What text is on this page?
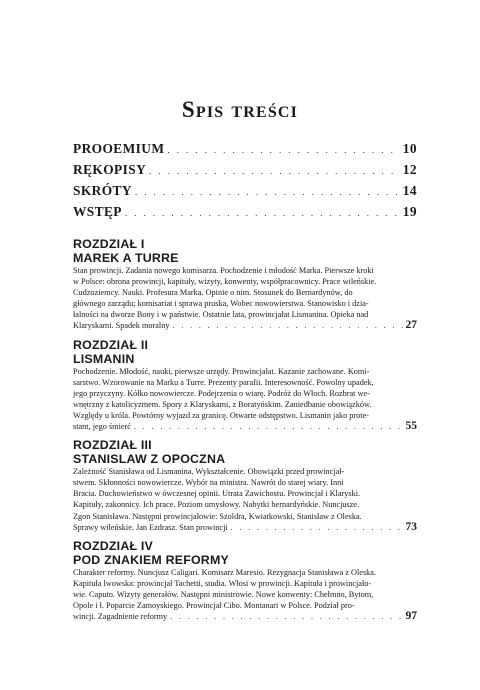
Spis treści
PROOEMIUM . . .	10
RĘKOPISY . . .	12
SKRÓTY . . .	14
WSTĘP . . .	19
ROZDZIAŁ I
MAREK A TURRE

Stan prowincji. Zadania nowego komisarza. Pochodzenie i młodość Marka. Pierwsze kroki

w Polsce: obrona prowincji, kapituły, wizyty, konwenty, współpracownicy. Prace wileńskie.

Cudzoziemcy. Nauki. Profesura Marka. Opinie o nim. Stosunek do Bernardynów, do

głównego zarządu; komisariat i sprawa pruska, Wobec nowowierstwa. Stanowisko i dzia-

łalności na dworze Bony i w państwie. Ostatnie lata, prowincjałat Lismanina. Opieka nad

Klaryskami. Spadek moralny . . .	27
ROZDZIAŁ II
LISMANIN

Pochodzenie. Młodość, nauki, pierwsze urzędy. Prowincjałat. Kazanie zachowane. Komi-

sarstwo. Wzorowanie na Marku a Turre. Prezenty parafii. Interesowność. Powolny upadek,

jego przyczyny. Kółko nowowiercze. Podejrzenia o wiarę. Podróż do Włoch. Rozbrat we-

wnętrzny z katolicyzmem. Spory z Klaryskami, z Boratyńskim. Zaniedbanie obowiązków.

Względy u króla. Powtórny wyjazd za granicę. Otwarte odstępstwo. Lismanin jako prote-

stant, jego śmierć . . .	55
ROZDZIAŁ III
STANISLAW Z OPOCZNA

Zależność Stanisława od Lismanina. Wykształcenie. Obowiązki przed prowincjał-

stwem. Skłonności nowowiercze. Wybór na ministra. Nawrót do starej wiary. Inni

Bracia. Duchowieństwo w ówczesnej opinii. Utrata Zawichostu. Prowincjał i Klaryski.

Kapituły, zakonnicy. Ich prace. Poziom umysłowy. Nabytki bernardyńskie. Nuncjusze.

Zgon Stanisława. Następni prowincjałowie: Szoldra, Kwiatkowski, Stanisław z Oleska.

Sprawy wileńskie. Jan Ezdrasz. Stan prowincji . . .	73
ROZDZIAŁ IV
POD ZNAKIEM REFORMY

Charakter reformy. Nuncjusz Caligari. Komisarz Maresio. Rezygnacja Stanisława z Oleska.

Kapituła lwowska: prowincjał Tachetti, studia. Włosi w prowincji. Kapituła i prowincjało-

wie. Caputo. Wizyty generałów. Następni ministrowie. Nowe konwenty: Chełmno, Bytom,

Opole i ł. Poparcie Zamoyskiego. Prowincjał Cibo. Montanari w Polsce. Podział pro-

wincji. Zagadnienie reformy . . .	97
